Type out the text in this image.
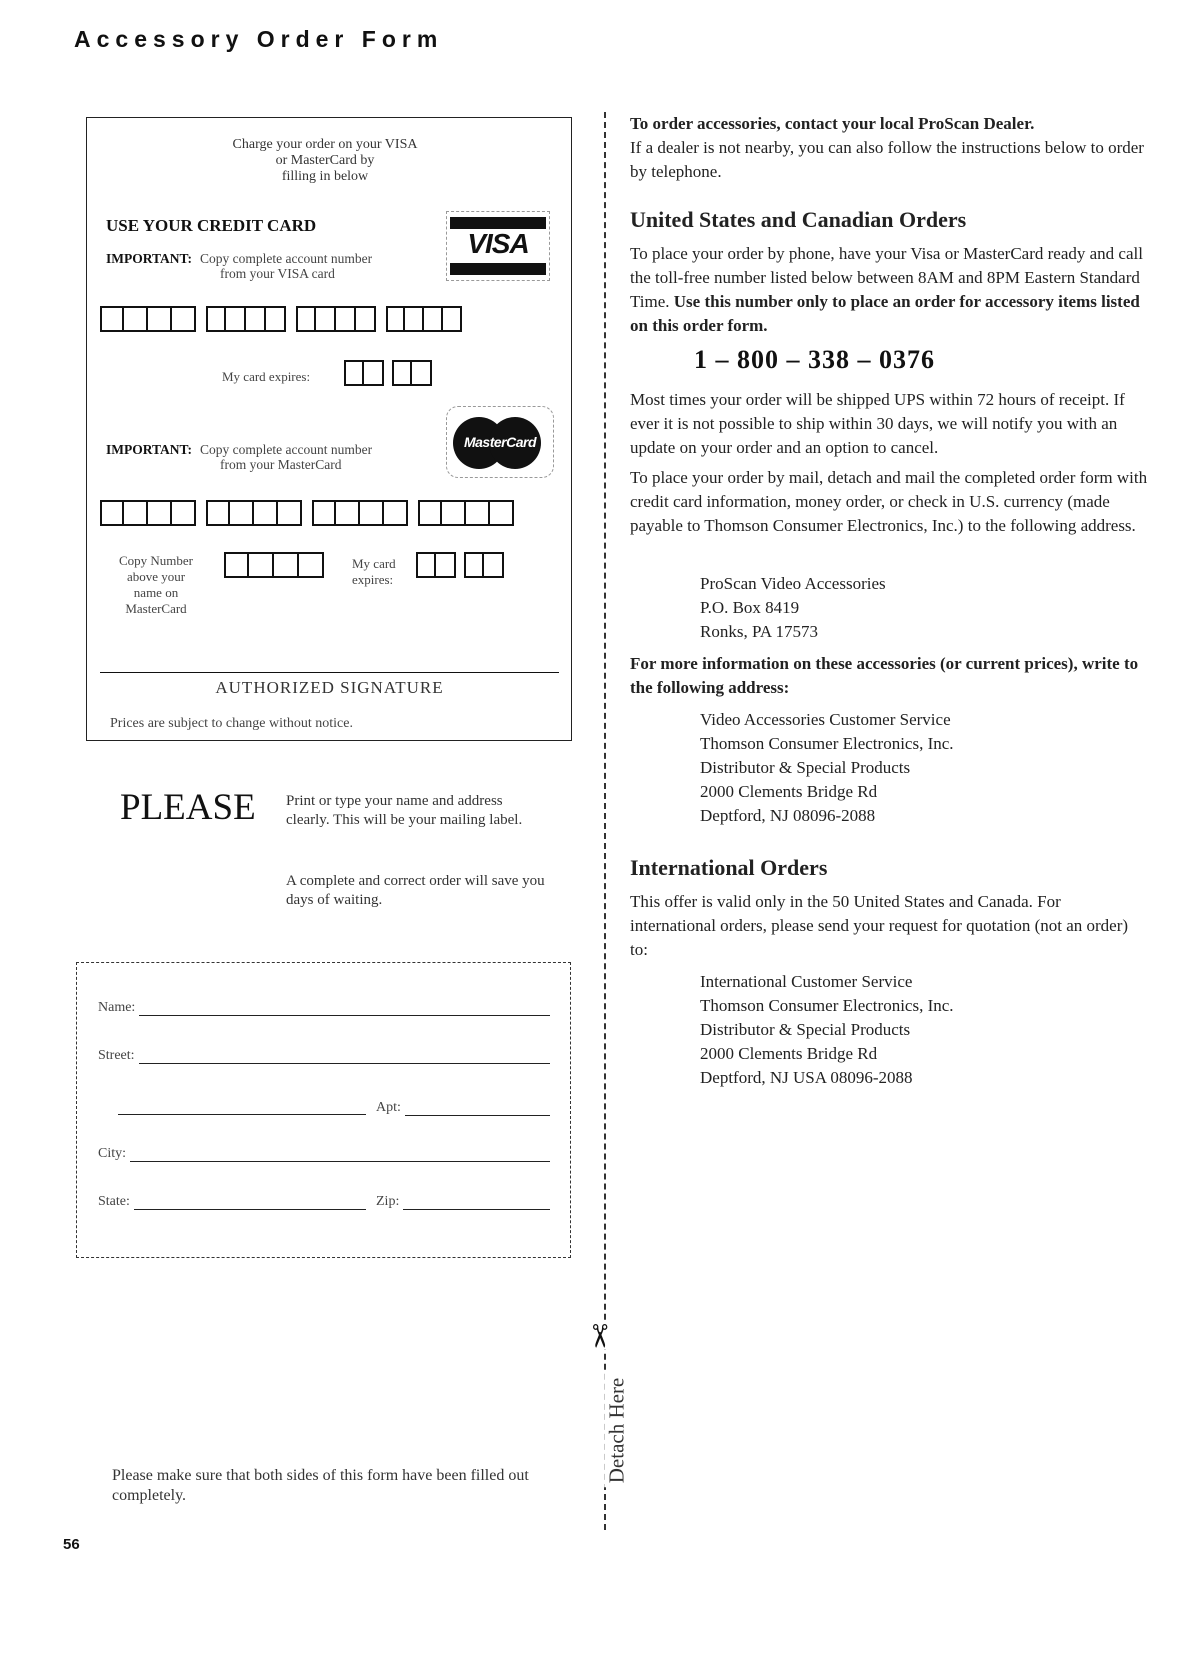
Accessory Order Form
Charge your order on your VISA
or MasterCard by
filling in below
USE YOUR CREDIT CARD
IMPORTANT: Copy complete account number
from your VISA card
VISA
My card expires:
IMPORTANT: Copy complete account number
from your MasterCard
MasterCard
Copy Number
above your
name on
MasterCard
My card
expires:
AUTHORIZED SIGNATURE
Prices are subject to change without notice.
PLEASE Print or type your name and address clearly. This will be your mailing label.
A complete and correct order will save you days of waiting.
Name:
Street:
Apt:
City:
State:	Zip:
Please make sure that both sides of this form have been filled out completely.
56
✂
Detach Here
To order accessories, contact your local ProScan Dealer.
If a dealer is not nearby, you can also follow the instructions below to order by telephone.
United States and Canadian Orders
To place your order by phone, have your Visa or MasterCard ready and call the toll-free number listed below between 8AM and 8PM Eastern Standard Time. Use this number only to place an order for accessory items listed on this order form.
1 – 800 – 338 – 0376
Most times your order will be shipped UPS within 72 hours of receipt. If ever it is not possible to ship within 30 days, we will notify you with an update on your order and an option to cancel.
To place your order by mail, detach and mail the completed order form with credit card information, money order, or check in U.S. currency (made payable to Thomson Consumer Electronics, Inc.) to the following address.
ProScan Video Accessories
P.O. Box 8419
Ronks, PA 17573
For more information on these accessories (or current prices), write to the following address:
Video Accessories Customer Service
Thomson Consumer Electronics, Inc.
Distributor & Special Products
2000 Clements Bridge Rd
Deptford, NJ 08096-2088
International Orders
This offer is valid only in the 50 United States and Canada. For international orders, please send your request for quotation (not an order) to:
International Customer Service
Thomson Consumer Electronics, Inc.
Distributor & Special Products
2000 Clements Bridge Rd
Deptford, NJ USA 08096-2088
